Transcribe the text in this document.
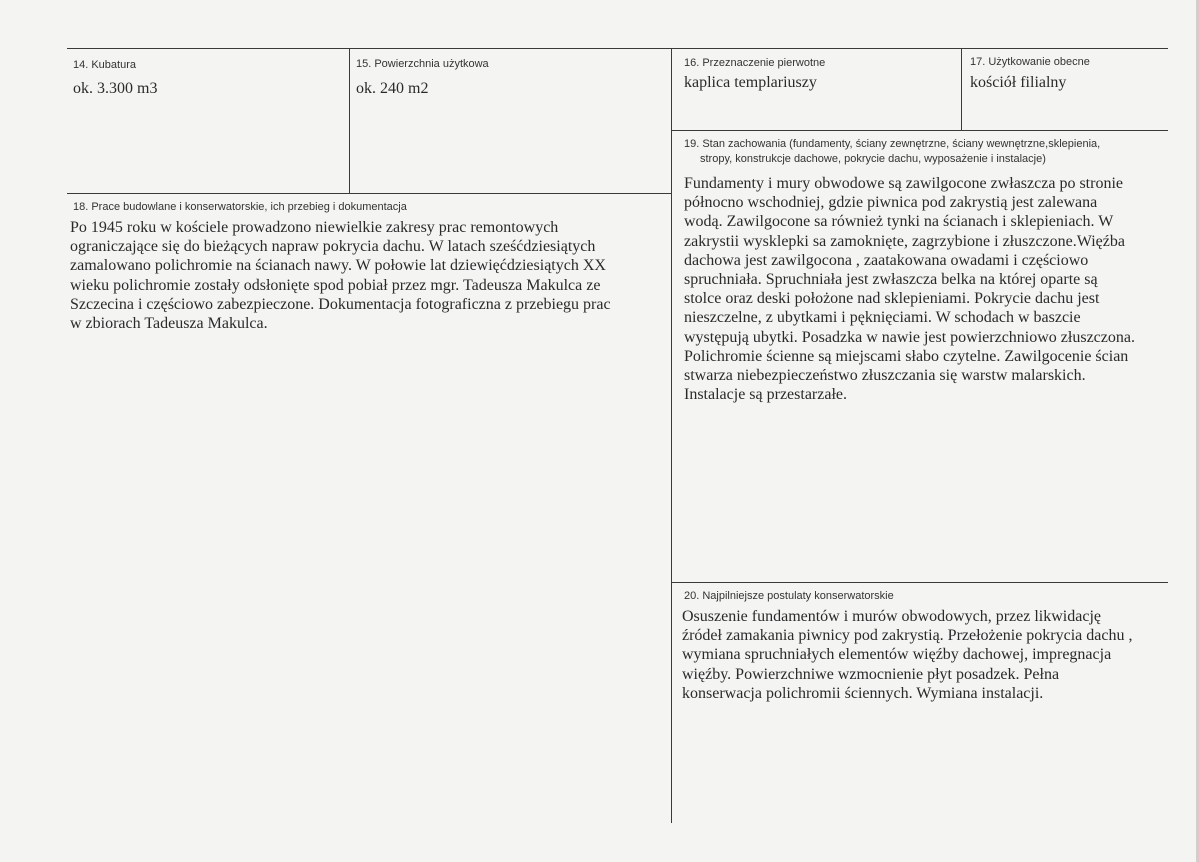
14. Kubatura
ok. 3.300 m3
15. Powierzchnia użytkowa
ok. 240 m2
16. Przeznaczenie pierwotne
kaplica templariuszy
17. Użytkowanie obecne
kościół filialny
18. Prace budowlane i konserwatorskie, ich przebieg i dokumentacja
Po 1945 roku w kościele prowadzono niewielkie zakresy prac remontowych
ograniczające się do bieżących napraw pokrycia dachu. W latach sześćdziesiątych
zamalowano polichromie na ścianach nawy. W połowie lat dziewięćdziesiątych XX
wieku polichromie zostały odsłonięte spod pobiał przez mgr. Tadeusza Makulca ze
Szczecina i częściowo zabezpieczone. Dokumentacja fotograficzna z przebiegu prac
w zbiorach Tadeusza Makulca.
19. Stan zachowania (fundamenty, ściany zewnętrzne, ściany wewnętrzne,sklepienia,
stropy, konstrukcje dachowe, pokrycie dachu, wyposażenie i instalacje)
Fundamenty i mury obwodowe są zawilgocone zwłaszcza po stronie
północno wschodniej, gdzie piwnica pod zakrystią jest zalewana
wodą. Zawilgocone sa również tynki na ścianach i sklepieniach. W
zakrystii wysklepki sa zamoknięte, zagrzybione i złuszczone.Więźba
dachowa jest zawilgocona , zaatakowana owadami i częściowo
spruchniała. Spruchniała jest zwłaszcza belka na której oparte są
stolce oraz deski położone nad sklepieniami. Pokrycie dachu jest
nieszczelne, z ubytkami i pęknięciami. W schodach w baszcie
występują ubytki. Posadzka w nawie jest powierzchniowo złuszczona.
Polichromie ścienne są miejscami słabo czytelne. Zawilgocenie ścian
stwarza niebezpieczeństwo złuszczania się warstw malarskich.
Instalacje są przestarzałe.
20. Najpilniejsze postulaty konserwatorskie
Osuszenie fundamentów i murów obwodowych, przez likwidację
źródeł zamakania piwnicy pod zakrystią. Przełożenie pokrycia dachu ,
wymiana spruchniałych elementów więźby dachowej, impregnacja
więźby. Powierzchniwe wzmocnienie płyt posadzek. Pełna
konserwacja polichromii ściennych. Wymiana instalacji.
